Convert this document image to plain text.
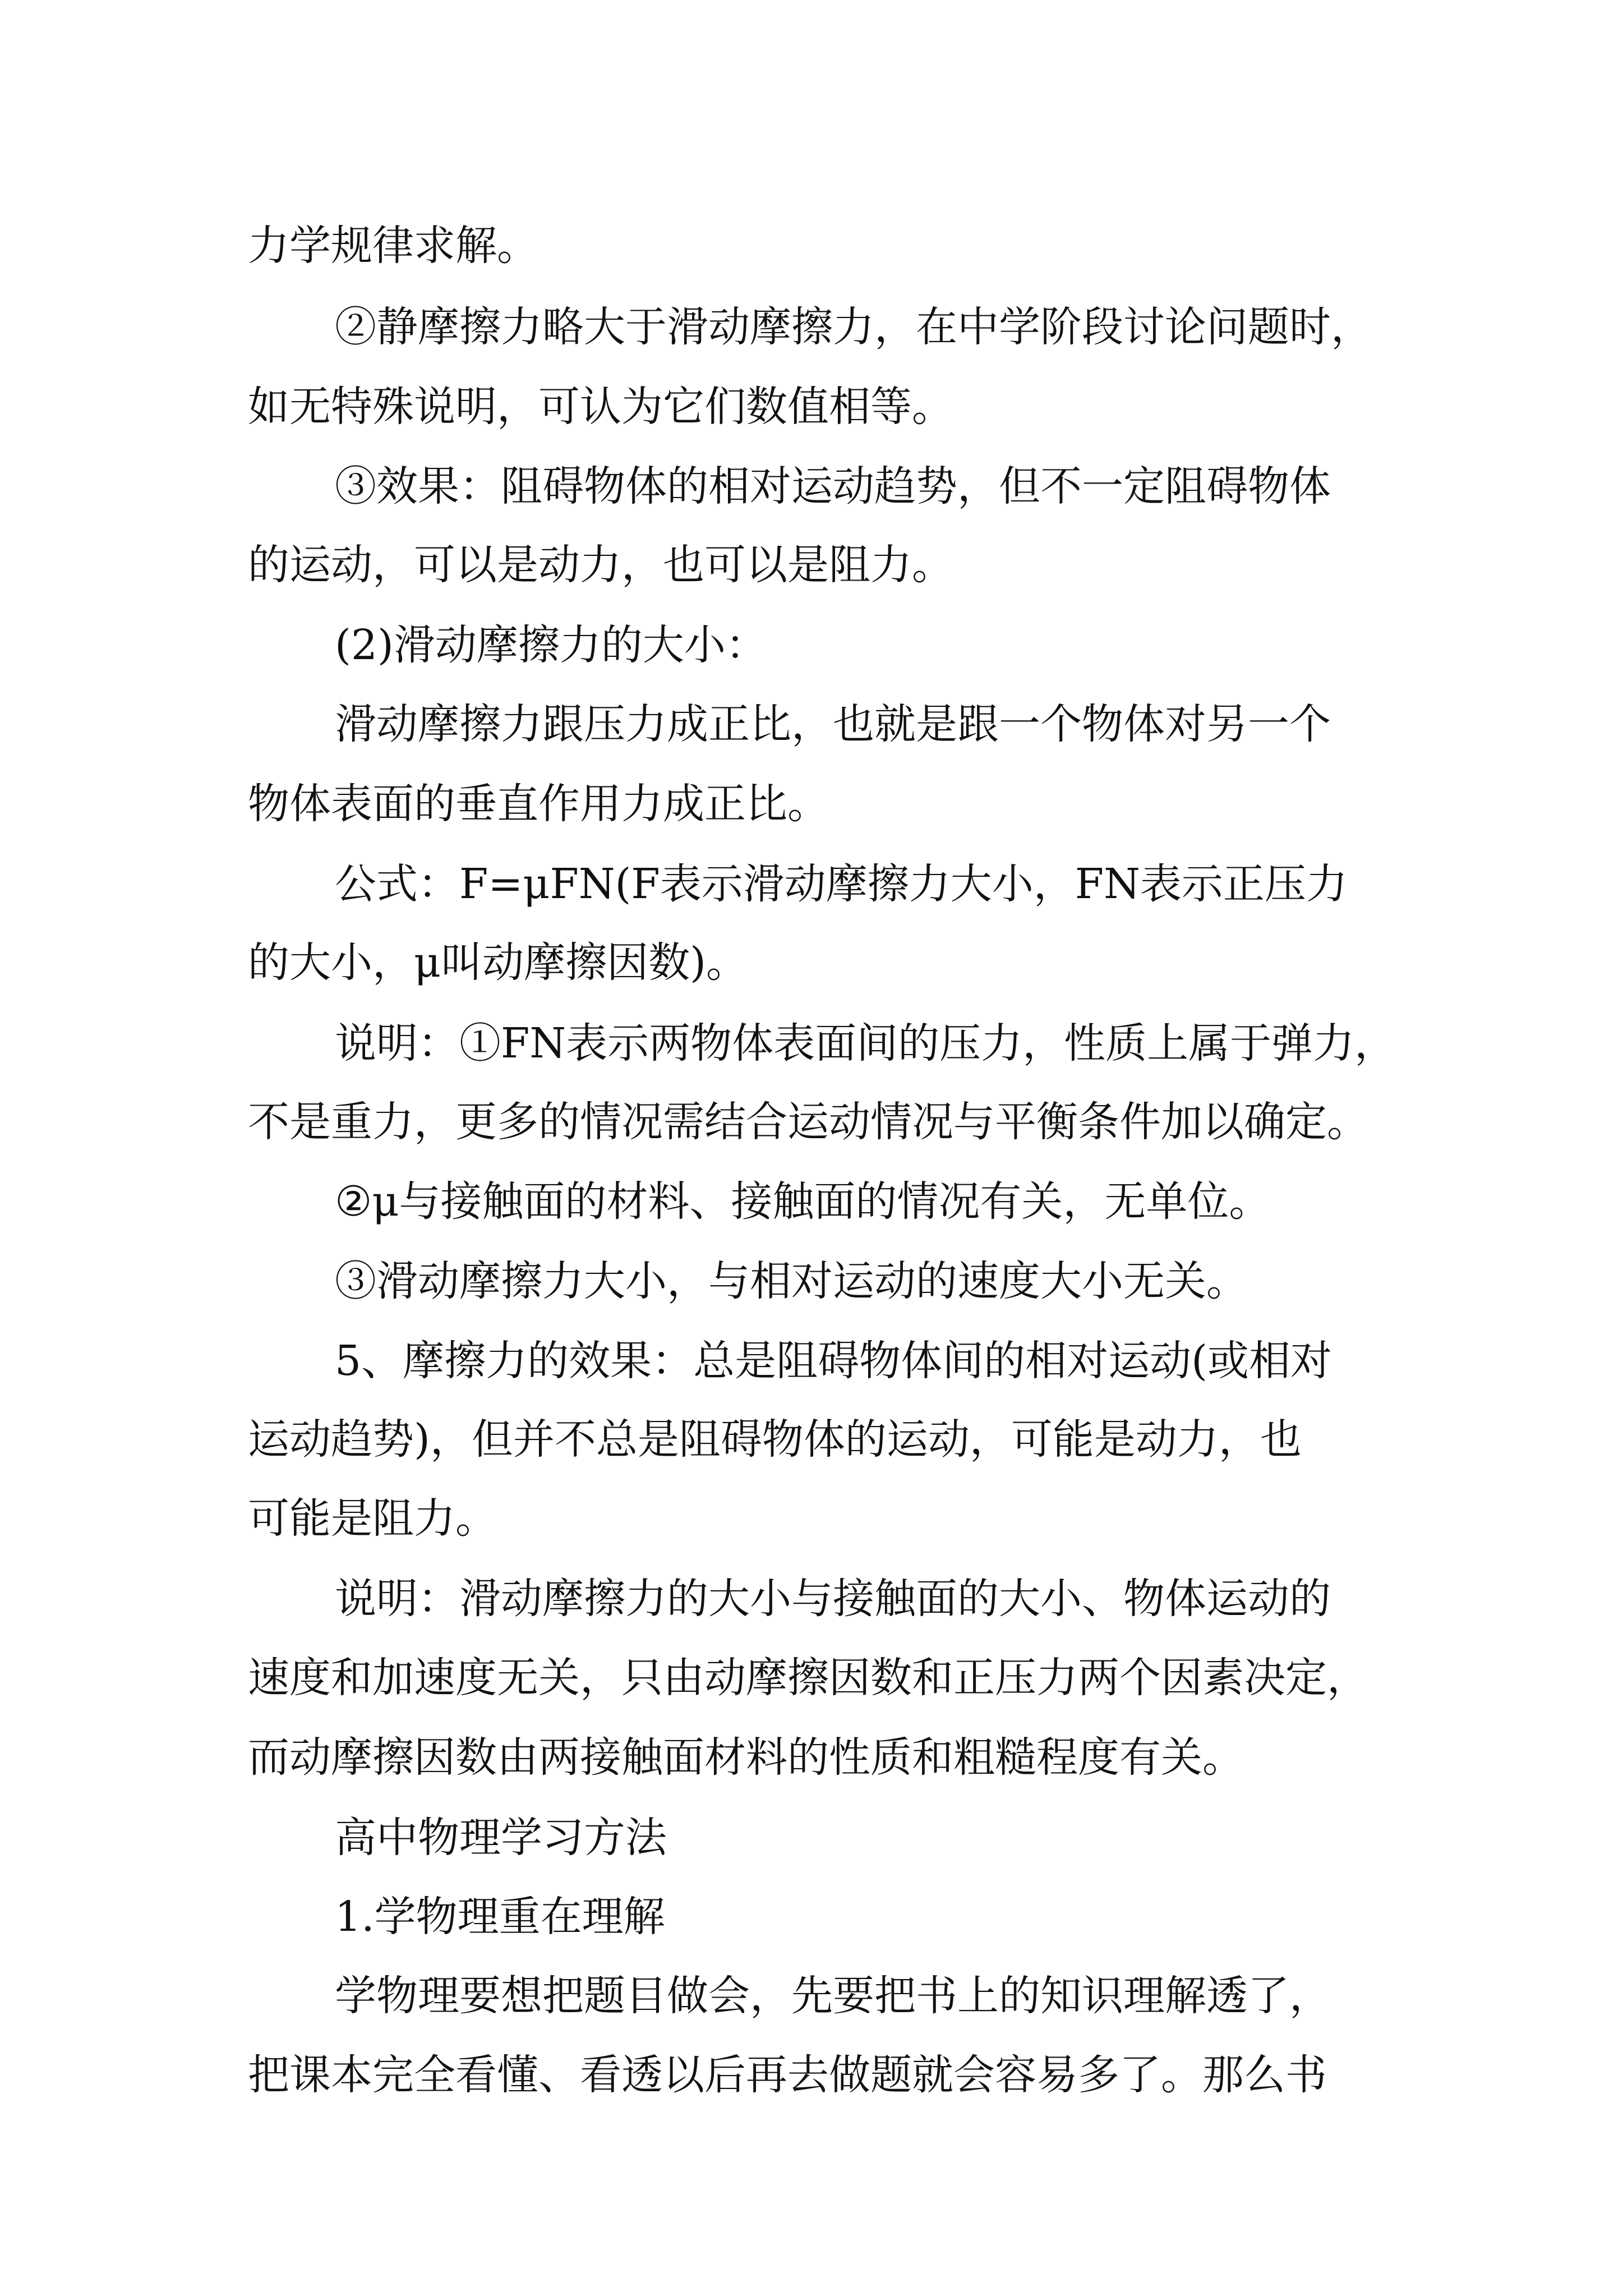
力学规律求解。
②静摩擦力略大于滑动摩擦力，在中学阶段讨论问题时，
如无特殊说明，可认为它们数值相等。
③效果：阻碍物体的相对运动趋势，但不一定阻碍物体
的运动，可以是动力，也可以是阻力。
(2)滑动摩擦力的大小：
滑动摩擦力跟压力成正比，也就是跟一个物体对另一个
物体表面的垂直作用力成正比。
公式：F=μFN(F表示滑动摩擦力大小，FN表示正压力
的大小，μ叫动摩擦因数)。
说明：①FN表示两物体表面间的压力，性质上属于弹力，
不是重力，更多的情况需结合运动情况与平衡条件加以确定。
②μ与接触面的材料、接触面的情况有关，无单位。
③滑动摩擦力大小，与相对运动的速度大小无关。
5、摩擦力的效果：总是阻碍物体间的相对运动(或相对
运动趋势)，但并不总是阻碍物体的运动，可能是动力，也
可能是阻力。
说明：滑动摩擦力的大小与接触面的大小、物体运动的
速度和加速度无关，只由动摩擦因数和正压力两个因素决定，
而动摩擦因数由两接触面材料的性质和粗糙程度有关。
高中物理学习方法
1.学物理重在理解
学物理要想把题目做会，先要把书上的知识理解透了，
把课本完全看懂、看透以后再去做题就会容易多了。那么书
